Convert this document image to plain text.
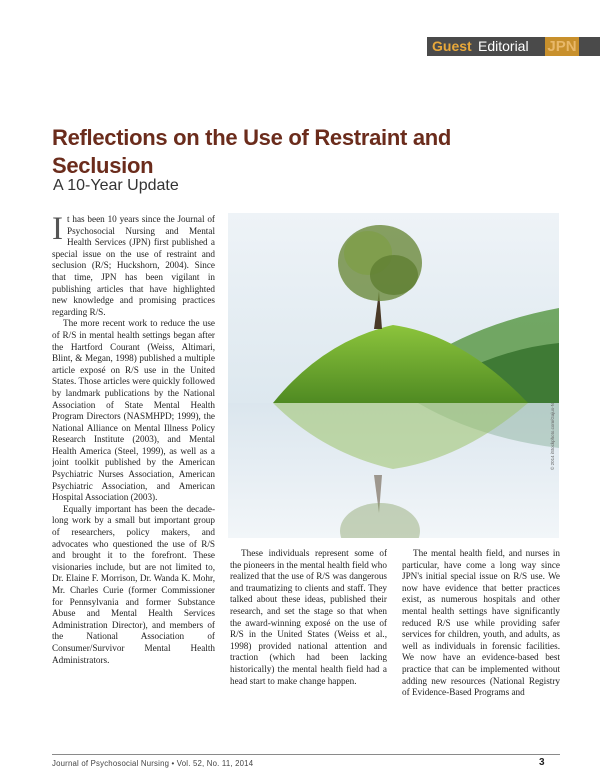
Guest Editorial JPN
Reflections on the Use of Restraint and Seclusion
A 10-Year Update

It has been 10 years since the Journal of Psychosocial Nursing and Mental Health Services (JPN) first published a special issue on the use of restraint and seclusion (R/S; Huckshorn, 2004). Since that time, JPN has been vigilant in publishing articles that have highlighted new knowledge and promising practices regarding R/S.

The more recent work to reduce the use of R/S in mental health settings began after the Hartford Courant (Weiss, Altimari, Blint, & Megan, 1998) published a multiple article exposé on R/S use in the United States. Those articles were quickly followed by landmark publications by the National Association of State Mental Health Program Directors (NASMHPD; 1999), the National Alliance on Mental Illness Policy Research Institute (2003), and Mental Health America (Steel, 1999), as well as a joint toolkit published by the American Psychiatric Nurses Association, American Psychiatric Association, and American Hospital Association (2003).

Equally important has been the decade-long work by a small but important group of researchers, policy makers, and advocates who questioned the use of R/S and brought it to the forefront. These visionaries include, but are not limited to, Dr. Elaine F. Morrison, Dr. Wanda K. Mohr, Mr. Charles Curie (former Commissioner for Pennsylvania and former Substance Abuse and Mental Health Services Administration Director), and members of the National Association of Consumer/Survivor Mental Health Administrators.

© 2014 iStockphoto.com/Gajus-N

These individuals represent some of the pioneers in the mental health field who realized that the use of R/S was dangerous and traumatizing to clients and staff. They talked about these ideas, published their research, and set the stage so that when the award-winning exposé on the use of R/S in the United States (Weiss et al., 1998) provided national attention and traction (which had been lacking historically) the mental health field had a head start to make change happen.

The mental health field, and nurses in particular, have come a long way since JPN's initial special issue on R/S use. We now have evidence that better practices exist, as numerous hospitals and other mental health settings have significantly reduced R/S use while providing safer services for children, youth, and adults, as well as individuals in forensic facilities. We now have an evidence-based best practice that can be implemented without adding new resources (National Registry of Evidence-Based Programs and

Journal of Psychosocial Nursing • Vol. 52, No. 11, 2014	3
